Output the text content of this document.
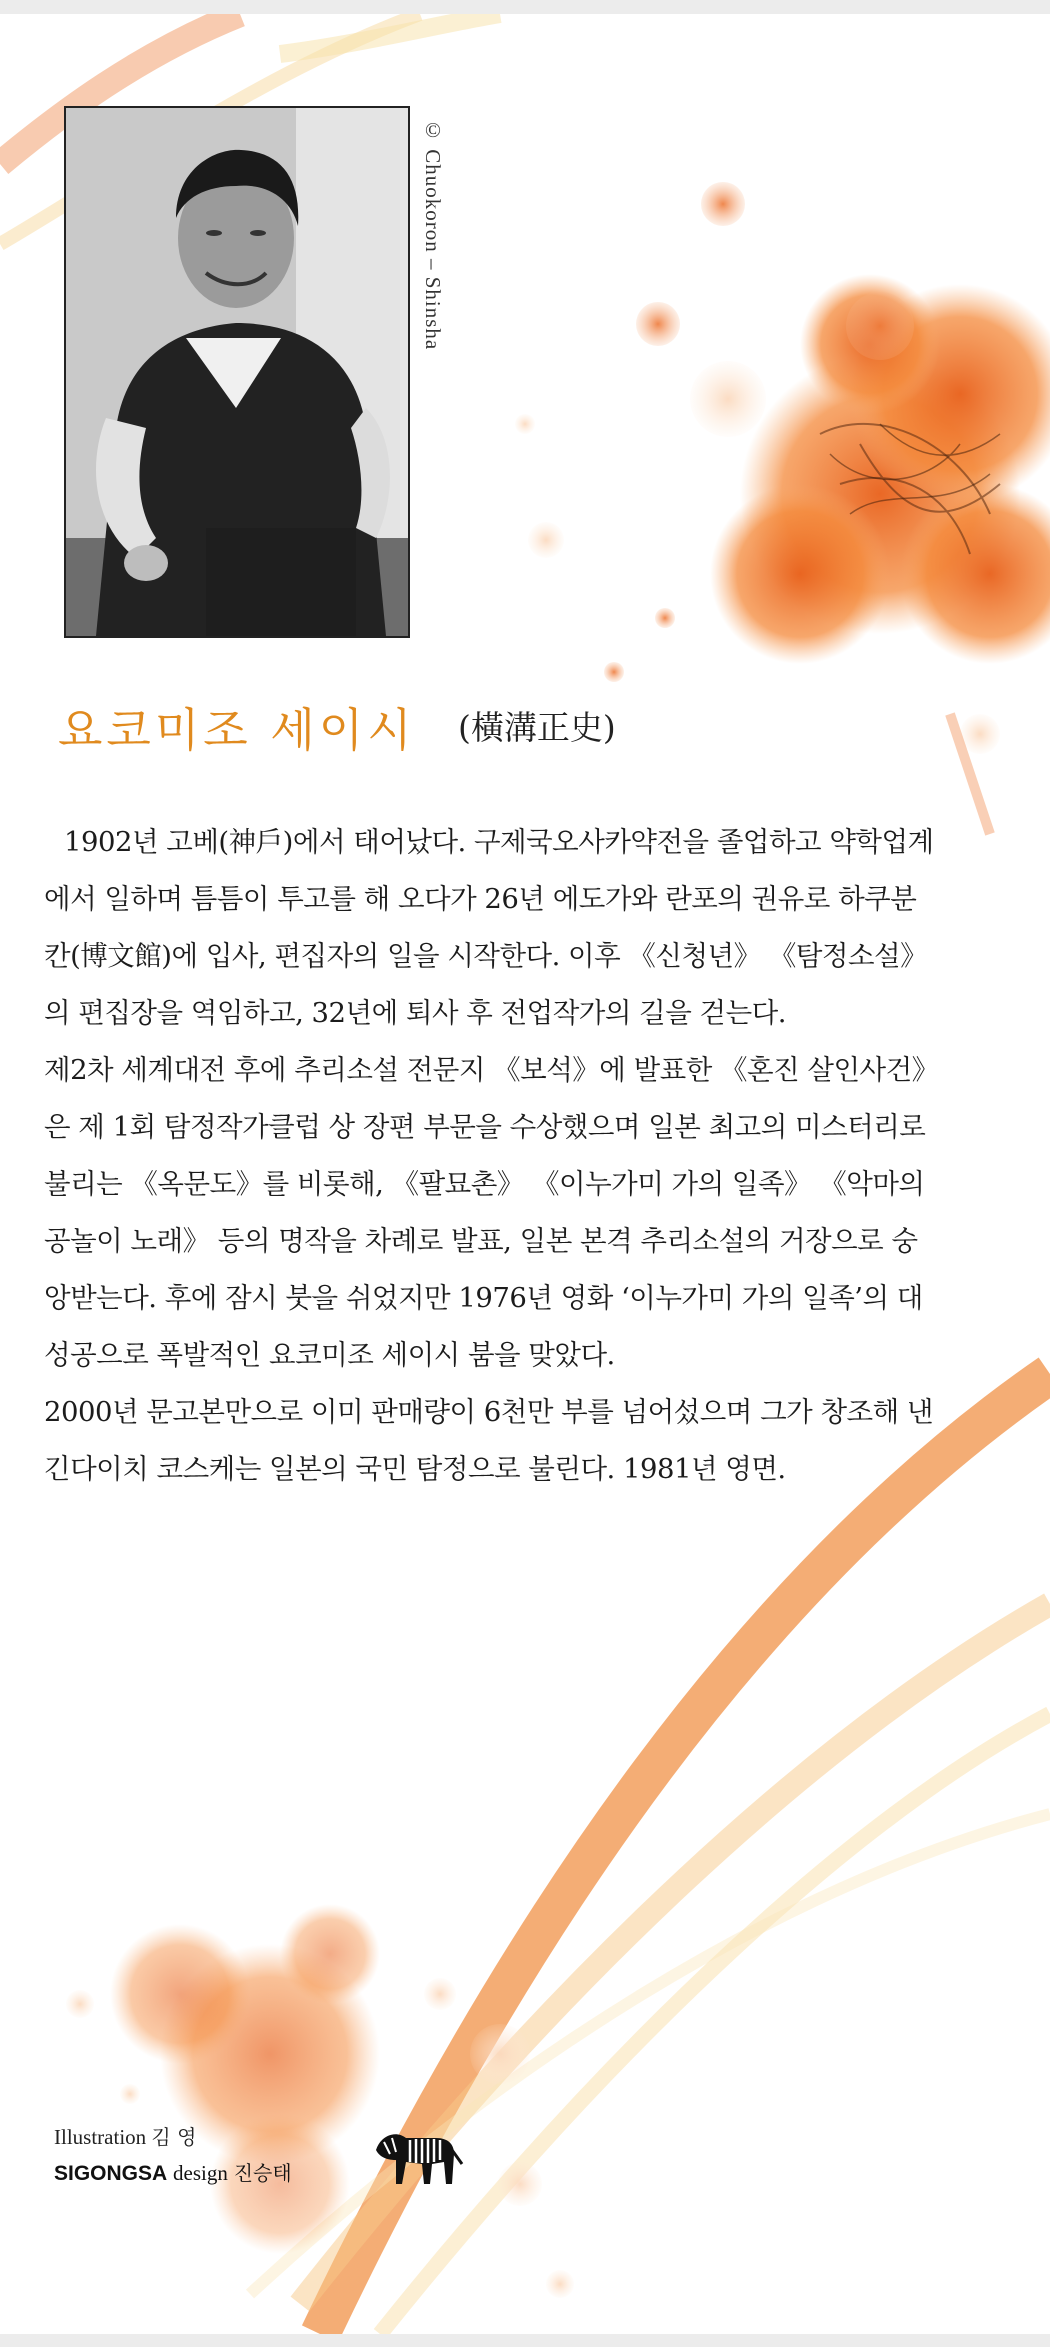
© Chuokoron – Shinsha
요코미조 세이시 (橫溝正史)

1902년 고베(神戶)에서 태어났다. 구제국오사카약전을 졸업하고 약학업계에서 일하며 틈틈이 투고를 해 오다가 26년 에도가와 란포의 권유로 하쿠분칸(博文館)에 입사, 편집자의 일을 시작한다. 이후 《신청년》 《탐정소설》의 편집장을 역임하고, 32년에 퇴사 후 전업작가의 길을 걷는다.

제2차 세계대전 후에 추리소설 전문지 《보석》에 발표한 《혼진 살인사건》은 제 1회 탐정작가클럽 상 장편 부문을 수상했으며 일본 최고의 미스터리로 불리는 《옥문도》를 비롯해, 《팔묘촌》 《이누가미 가의 일족》 《악마의 공놀이 노래》 등의 명작을 차례로 발표, 일본 본격 추리소설의 거장으로 숭앙받는다. 후에 잠시 붓을 쉬었지만 1976년 영화 ‘이누가미 가의 일족’의 대성공으로 폭발적인 요코미조 세이시 붐을 맞았다.

2000년 문고본만으로 이미 판매량이 6천만 부를 넘어섰으며 그가 창조해 낸 긴다이치 코스케는 일본의 국민 탐정으로 불린다. 1981년 영면.

Illustration 김 영
SIGONGSA design 진승태
